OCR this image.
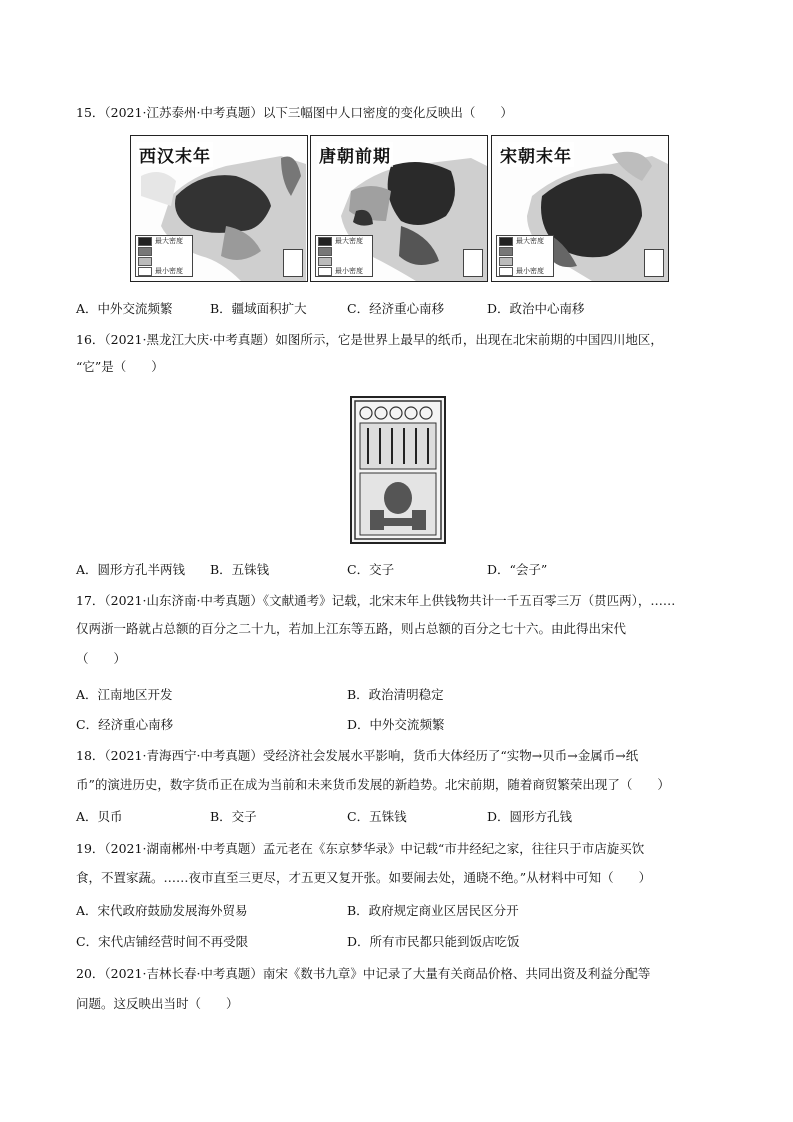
15．（2021·江苏泰州·中考真题）以下三幅图中人口密度的变化反映出（　　）
西汉末年
最大密度
最小密度
唐朝前期
最大密度
最小密度
宋朝末年
最大密度
最小密度
A．中外交流频繁	B．疆域面积扩大	C．经济重心南移	D．政治中心南移
16．（2021·黑龙江大庆·中考真题）如图所示，它是世界上最早的纸币，出现在北宋前期的中国四川地区，
“它”是（　　）
A．圆形方孔半两钱 B．五铢钱	C．交子	D．“会子”
17．（2021·山东济南·中考真题）《文献通考》记载，北宋末年上供钱物共计一千五百零三万（贯匹两），……
仅两浙一路就占总额的百分之二十九，若加上江东等五路，则占总额的百分之七十六。由此得出宋代
（　　）
A．江南地区开发	B．政治清明稳定
C．经济重心南移	D．中外交流频繁
18．（2021·青海西宁·中考真题）受经济社会发展水平影响，货币大体经历了“实物→贝币→金属币→纸
币”的演进历史，数字货币正在成为当前和未来货币发展的新趋势。北宋前期，随着商贸繁荣出现了（　　）
A．贝币	B．交子	C．五铢钱	D．圆形方孔钱
19．（2021·湖南郴州·中考真题）孟元老在《东京梦华录》中记载“市井经纪之家，往往只于市店旋买饮
食，不置家蔬。……夜市直至三更尽，才五更又复开张。如要闹去处，通晓不绝。”从材料中可知（　　）
A．宋代政府鼓励发展海外贸易	B．政府规定商业区居民区分开
C．宋代店铺经营时间不再受限	D．所有市民都只能到饭店吃饭
20．（2021·吉林长春·中考真题）南宋《数书九章》中记录了大量有关商品价格、共同出资及利益分配等
问题。这反映出当时（　　）
